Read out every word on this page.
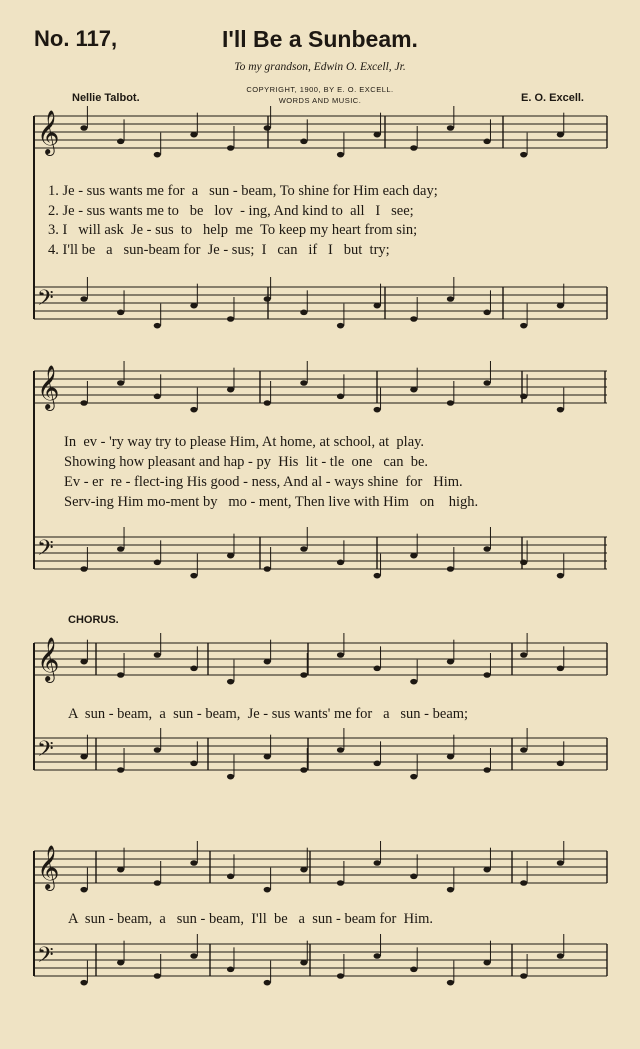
No. 117,	I'll Be a Sunbeam.
To my grandson, Edwin O. Excell, Jr.
COPYRIGHT, 1900, BY E. O. EXCELL.
WORDS AND MUSIC.
Nellie Talbot.	E. O. Excell.
𝄞
𝄢
𝄞
𝄢
𝄞
𝄢
𝄞
𝄢
1. Je - sus wants me for  a   sun - beam, To shine for Him each day;
2. Je - sus wants me to   be   lov  - ing, And kind to  all   I   see;
3. I   will ask  Je - sus  to   help  me  To keep my heart from sin;
4. I'll be   a   sun-beam for  Je - sus;  I   can   if   I   but  try;
In  ev - 'ry way try to please Him, At home, at school, at  play.
Showing how pleasant and hap - py  His  lit - tle  one   can  be.
Ev - er  re - flect-ing His good - ness, And al - ways shine  for   Him.
Serv-ing Him mo-ment by   mo - ment, Then live with Him   on    high.
CHORUS.
A  sun - beam,  a  sun - beam,  Je - sus wants' me for   a   sun - beam;
A  sun - beam,  a   sun - beam,  I'll  be   a  sun - beam for  Him.
